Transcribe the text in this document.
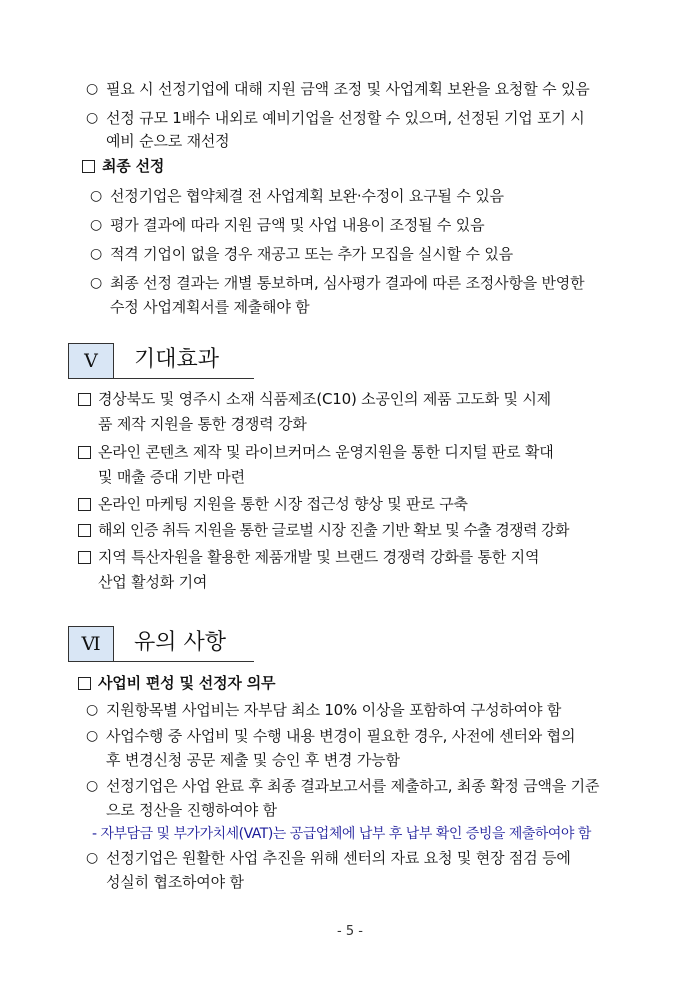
○ 필요 시 선정기업에 대해 지원 금액 조정 및 사업계획 보완을 요청할 수 있음
○ 선정 규모 1배수 내외로 예비기업을 선정할 수 있으며, 선정된 기업 포기 시
예비 순으로 재선정
최종 선정
○ 선정기업은 협약체결 전 사업계획 보완·수정이 요구될 수 있음
○ 평가 결과에 따라 지원 금액 및 사업 내용이 조정될 수 있음
○ 적격 기업이 없을 경우 재공고 또는 추가 모집을 실시할 수 있음
○ 최종 선정 결과는 개별 통보하며, 심사평가 결과에 따른 조정사항을 반영한
수정 사업계획서를 제출해야 함
V	기대효과
경상북도 및 영주시 소재 식품제조(C10) 소공인의 제품 고도화 및 시제
품 제작 지원을 통한 경쟁력 강화
온라인 콘텐츠 제작 및 라이브커머스 운영지원을 통한 디지털 판로 확대
및 매출 증대 기반 마련
온라인 마케팅 지원을 통한 시장 접근성 향상 및 판로 구축
해외 인증 취득 지원을 통한 글로벌 시장 진출 기반 확보 및 수출 경쟁력 강화
지역 특산자원을 활용한 제품개발 및 브랜드 경쟁력 강화를 통한 지역
산업 활성화 기여
Ⅵ	유의 사항
사업비 편성 및 선정자 의무
○ 지원항목별 사업비는 자부담 최소 10% 이상을 포함하여 구성하여야 함
○ 사업수행 중 사업비 및 수행 내용 변경이 필요한 경우, 사전에 센터와 협의
후 변경신청 공문 제출 및 승인 후 변경 가능함
○ 선정기업은 사업 완료 후 최종 결과보고서를 제출하고, 최종 확정 금액을 기준
으로 정산을 진행하여야 함
- 자부담금 및 부가가치세(VAT)는 공급업체에 납부 후 납부 확인 증빙을 제출하여야 함
○ 선정기업은 원활한 사업 추진을 위해 센터의 자료 요청 및 현장 점검 등에
성실히 협조하여야 함
- 5 -
